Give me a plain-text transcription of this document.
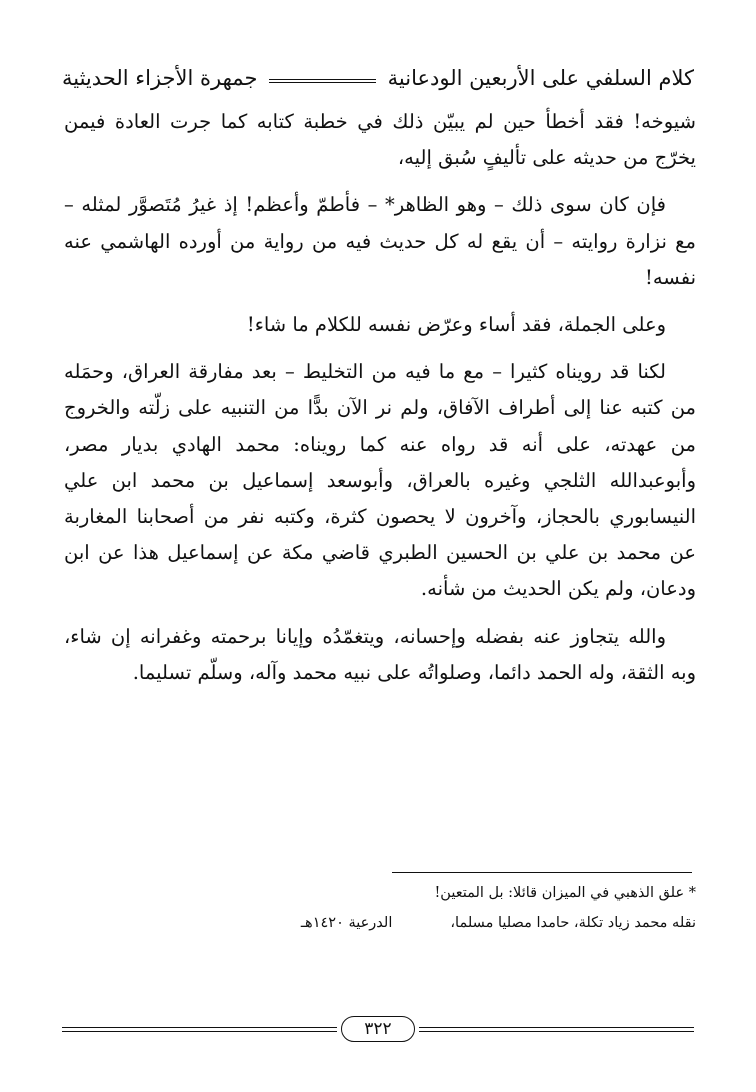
كلام السلفي على الأربعين الودعانية
جمهرة الأجزاء الحديثية

شيوخه! فقد أخطأ حين لم يبيّن ذلك في خطبة كتابه كما جرت العادة فيمن يخرّج من حديثه على تأليفٍ سُبق إليه،

فإن كان سوى ذلك – وهو الظاهر* – فأطمّ وأعظم! إذ غيرُ مُتَصوَّر لمثله – مع نزارة روايته – أن يقع له كل حديث فيه من رواية من أورده الهاشمي عنه نفسه!

وعلى الجملة، فقد أساء وعرّض نفسه للكلام ما شاء!

لكنا قد رويناه كثيرا – مع ما فيه من التخليط – بعد مفارقة العراق، وحمَله من كتبه عنا إلى أطراف الآفاق، ولم نر الآن بدًّا من التنبيه على زلّته والخروج من عهدته، على أنه قد رواه عنه كما رويناه: محمد الهادي بديار مصر، وأبوعبدالله الثلجي وغيره بالعراق، وأبوسعد إسماعيل بن محمد ابن علي النيسابوري بالحجاز، وآخرون لا يحصون كثرة، وكتبه نفر من أصحابنا المغاربة عن محمد بن علي بن الحسين الطبري قاضي مكة عن إسماعيل هذا عن ابن ودعان، ولم يكن الحديث من شأنه.

والله يتجاوز عنه بفضله وإحسانه، ويتغمّدُه وإيانا برحمته وغفرانه إن شاء، وبه الثقة، وله الحمد دائما، وصلواتُه على نبيه محمد وآله، وسلّم تسليما.

* علق الذهبي في الميزان قائلا: بل المتعين!
نقله محمد زياد تكلة، حامدا مصليا مسلما،
الدرعية ١٤٢٠هـ
٣٢٢
